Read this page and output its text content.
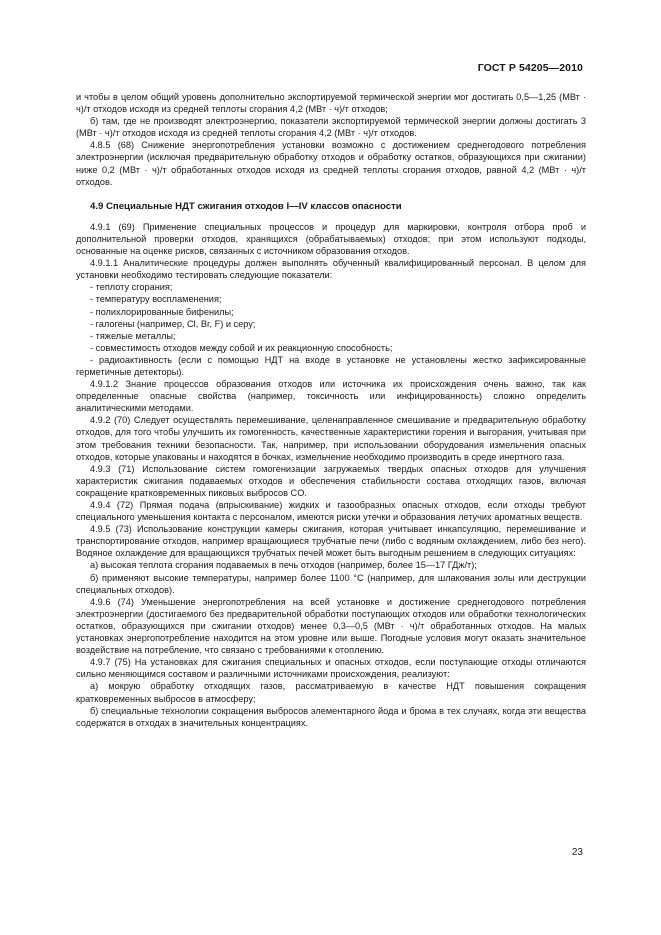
ГОСТ Р 54205—2010

и чтобы в целом общий уровень дополнительно экспортируемой термической энергии мог достигать 0,5—1,25 (МВт · ч)/т отходов исходя из средней теплоты сгорания 4,2 (МВт · ч)/т отходов;

б) там, где не производят электроэнергию, показатели экспортируемой термической энергии должны достигать 3 (МВт · ч)/т отходов исходя из средней теплоты сгорания 4,2 (МВт · ч)/т отходов.

4.8.5 (68) Снижение энергопотребления установки возможно с достижением среднегодового потребления электроэнергии (исключая предварительную обработку отходов и обработку остатков, образующихся при сжигании) ниже 0,2 (МВт · ч)/т обработанных отходов исходя из средней теплоты сгорания отходов, равной 4,2 (МВт · ч)/т отходов.

4.9 Специальные НДТ сжигания отходов I—IV классов опасности

4.9.1 (69) Применение специальных процессов и процедур для маркировки, контроля отбора проб и дополнительной проверки отходов, хранящихся (обрабатываемых) отходов; при этом используют подходы, основанные на оценке рисков, связанных с источником образования отходов.

4.9.1.1 Аналитические процедуры должен выполнять обученный квалифицированный персонал. В целом для установки необходимо тестировать следующие показатели:

- теплоту сгорания;
- температуру воспламенения;
- полихлорированные бифенилы;
- галогены (например, Cl, Br, F) и серу;
- тяжелые металлы;
- совместимость отходов между собой и их реакционную способность;
- радиоактивность (если с помощью НДТ на входе в установке не установлены жестко зафиксированные герметичные детекторы).

4.9.1.2 Знание процессов образования отходов или источника их происхождения очень важно, так как определенные опасные свойства (например, токсичность или инфицированность) сложно определить аналитическими методами.

4.9.2 (70) Следует осуществлять перемешивание, целенаправленное смешивание и предварительную обработку отходов, для того чтобы улучшить их гомогенность, качественные характеристики горения и выгорания, учитывая при этом требования техники безопасности. Так, например, при использовании оборудования измельчения опасных отходов, которые упакованы и находятся в бочках, измельчение необходимо производить в среде инертного газа.

4.9.3 (71) Использование систем гомогенизации загружаемых твердых опасных отходов для улучшения характеристик сжигания подаваемых отходов и обеспечения стабильности состава отходящих газов, включая сокращение кратковременных пиковых выбросов CO.

4.9.4 (72) Прямая подача (впрыскивание) жидких и газообразных опасных отходов, если отходы требуют специального уменьшения контакта с персоналом, имеются риски утечки и образования летучих ароматных веществ.

4.9.5 (73) Использование конструкции камеры сжигания, которая учитывает инкапсуляцию, перемешивание и транспортирование отходов, например вращающиеся трубчатые печи (либо с водяным охлаждением, либо без него). Водяное охлаждение для вращающихся трубчатых печей может быть выгодным решением в следующих ситуациях:

а) высокая теплота сгорания подаваемых в печь отходов (например, более 15—17 ГДж/т);

б) применяют высокие температуры, например более 1100 °C (например, для шлакования золы или деструкции специальных отходов).

4.9.6 (74) Уменьшение энергопотребления на всей установке и достижение среднегодового потребления электроэнергии (достигаемого без предварительной обработки поступающих отходов или обработки технологических остатков, образующихся при сжигании отходов) менее 0,3—0,5 (МВт · ч)/т обработанных отходов. На малых установках энергопотребление находится на этом уровне или выше. Погодные условия могут оказать значительное воздействие на потребление, что связано с требованиями к отоплению.

4.9.7 (75) На установках для сжигания специальных и опасных отходов, если поступающие отходы отличаются сильно меняющимся составом и различными источниками происхождения, реализуют:

а) мокрую обработку отходящих газов, рассматриваемую в качестве НДТ повышения сокращения кратковременных выбросов в атмосферу;

б) специальные технологии сокращения выбросов элементарного йода и брома в тех случаях, когда эти вещества содержатся в отходах в значительных концентрациях.

23
